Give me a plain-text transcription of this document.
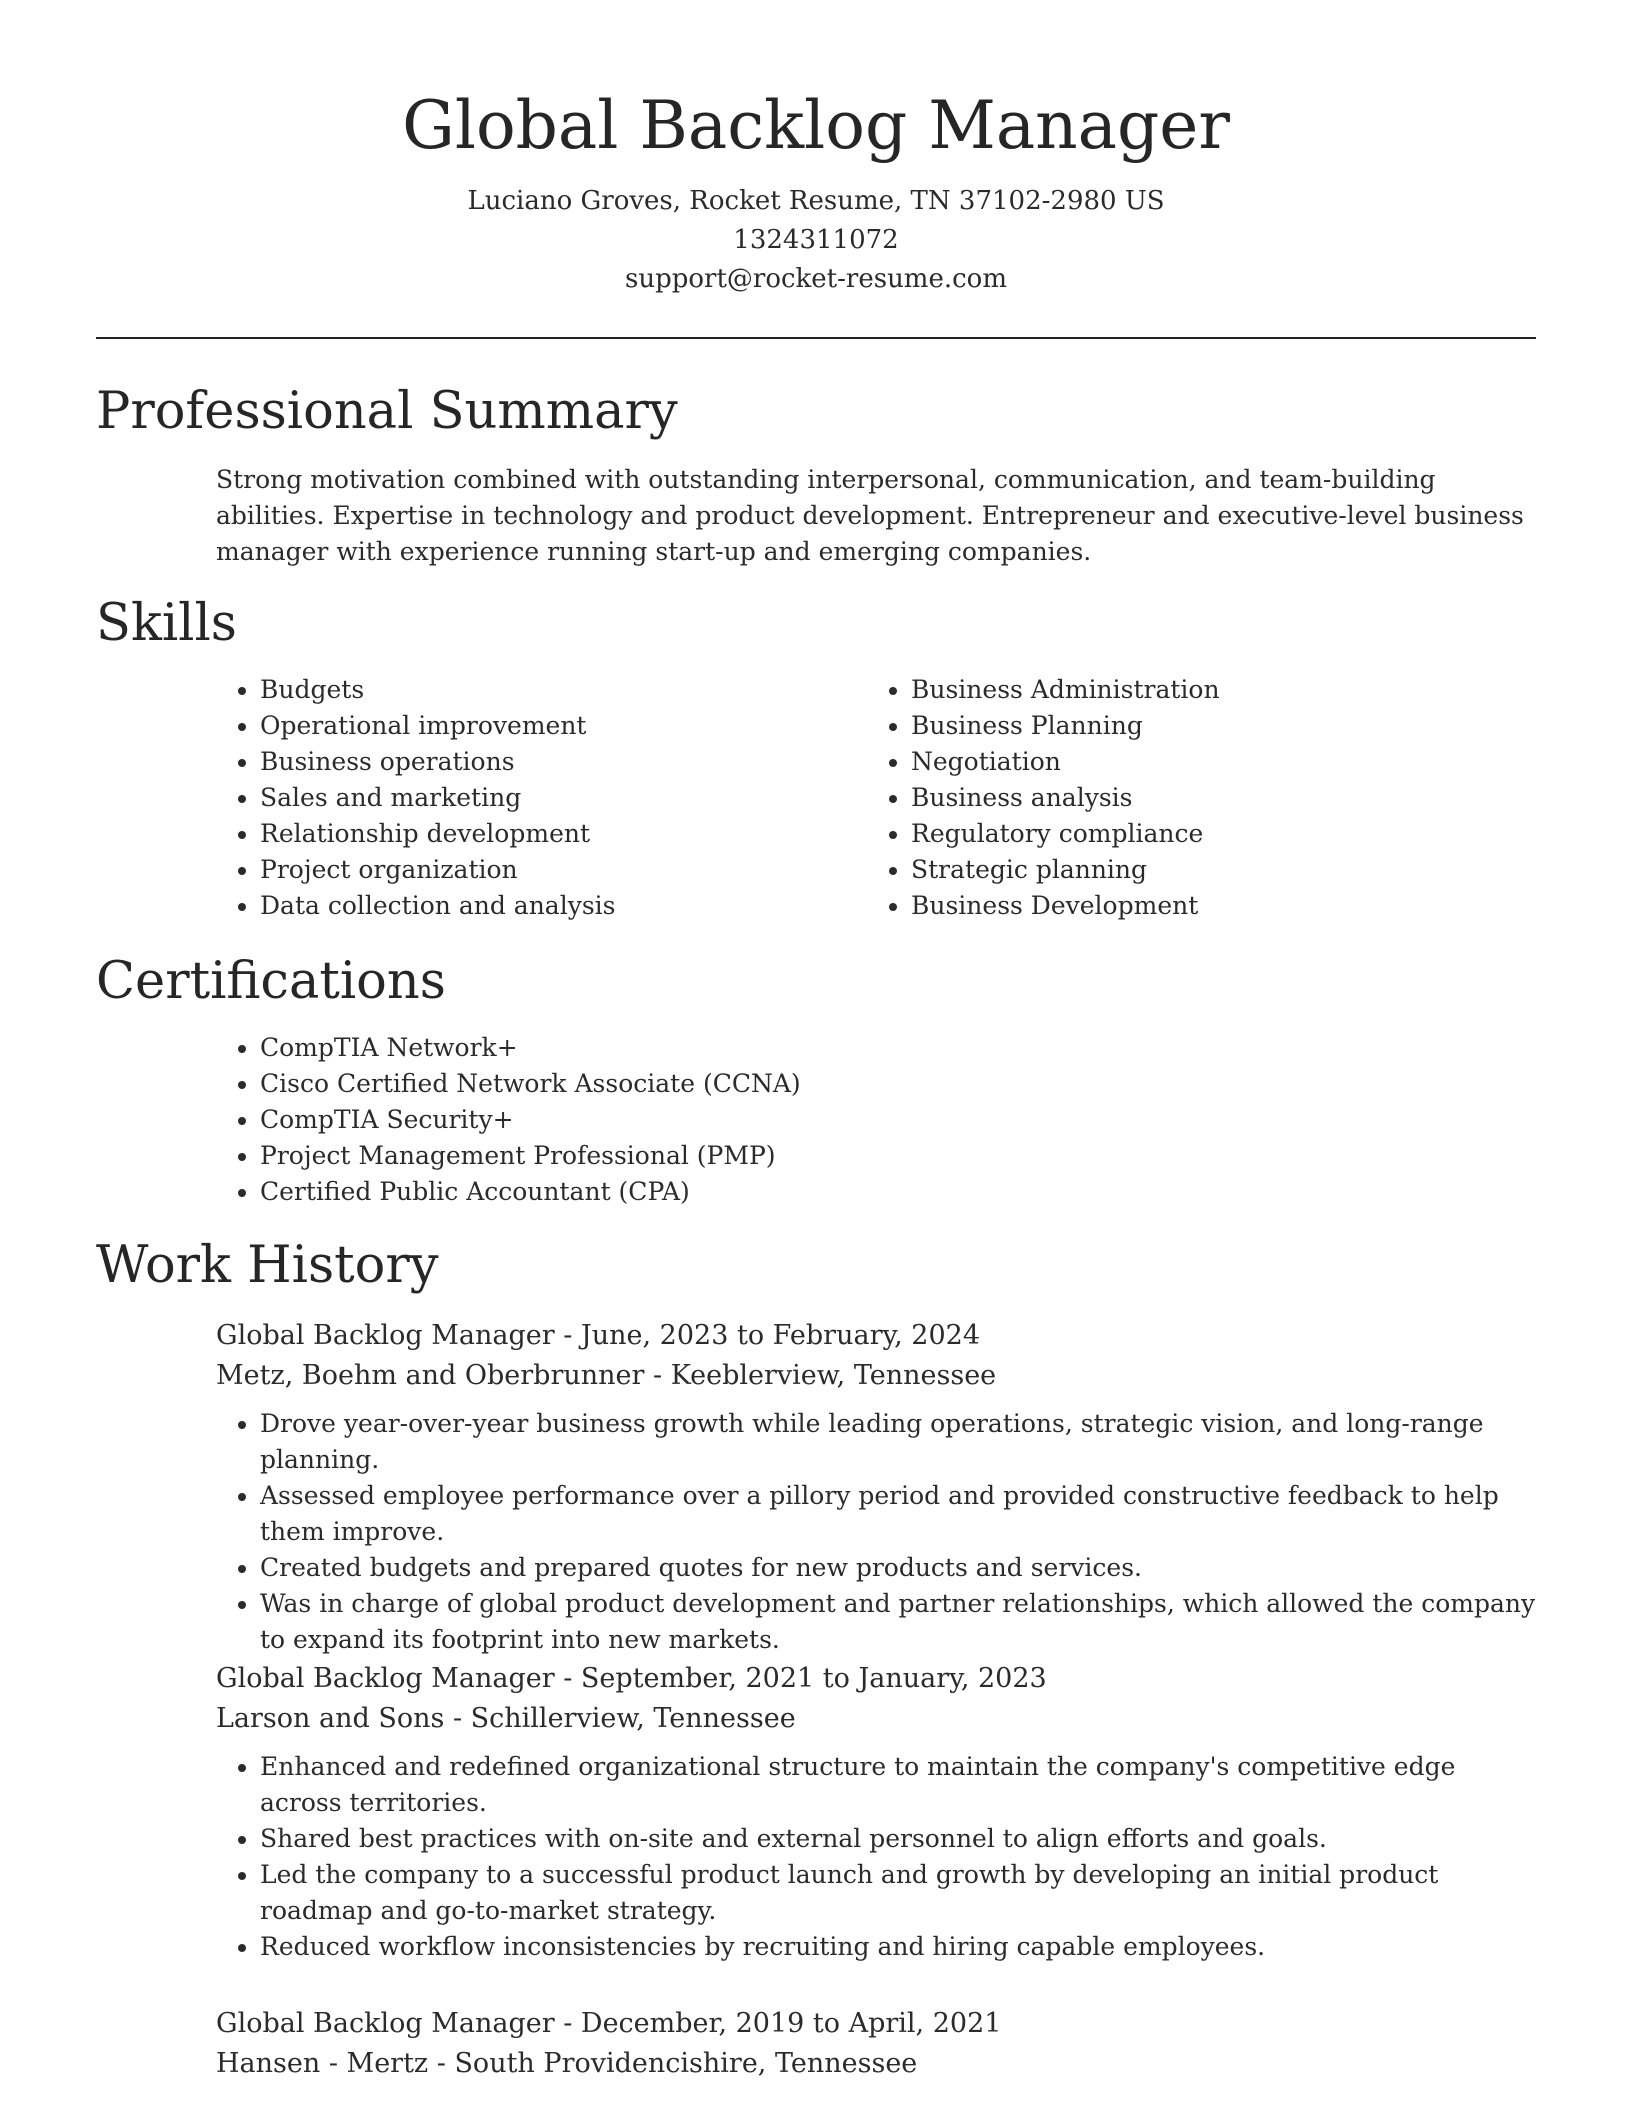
Global Backlog Manager

Luciano Groves, Rocket Resume, TN 37102-2980 US

1324311072

support@rocket-resume.com

Professional Summary

Strong motivation combined with outstanding interpersonal, communication, and team-building abilities. Expertise in technology and product development. Entrepreneur and executive-level business manager with experience running start-up and emerging companies.

Skills
• Budgets
• Operational improvement
• Business operations
• Sales and marketing
• Relationship development
• Project organization
• Data collection and analysis
• Business Administration
• Business Planning
• Negotiation
• Business analysis
• Regulatory compliance
• Strategic planning
• Business Development
Certifications
• CompTIA Network+
• Cisco Certified Network Associate (CCNA)
• CompTIA Security+
• Project Management Professional (PMP)
• Certified Public Accountant (CPA)
Work History

Global Backlog Manager - June, 2023 to February, 2024

Metz, Boehm and Oberbrunner - Keeblerview, Tennessee

• Drove year-over-year business growth while leading operations, strategic vision, and long-range planning.
• Assessed employee performance over a pillory period and provided constructive feedback to help them improve.
• Created budgets and prepared quotes for new products and services.
• Was in charge of global product development and partner relationships, which allowed the company to expand its footprint into new markets.

Global Backlog Manager - September, 2021 to January, 2023

Larson and Sons - Schillerview, Tennessee

• Enhanced and redefined organizational structure to maintain the company's competitive edge across territories.
• Shared best practices with on-site and external personnel to align efforts and goals.
• Led the company to a successful product launch and growth by developing an initial product roadmap and go-to-market strategy.
• Reduced workflow inconsistencies by recruiting and hiring capable employees.

Global Backlog Manager - December, 2019 to April, 2021

Hansen - Mertz - South Providencishire, Tennessee
